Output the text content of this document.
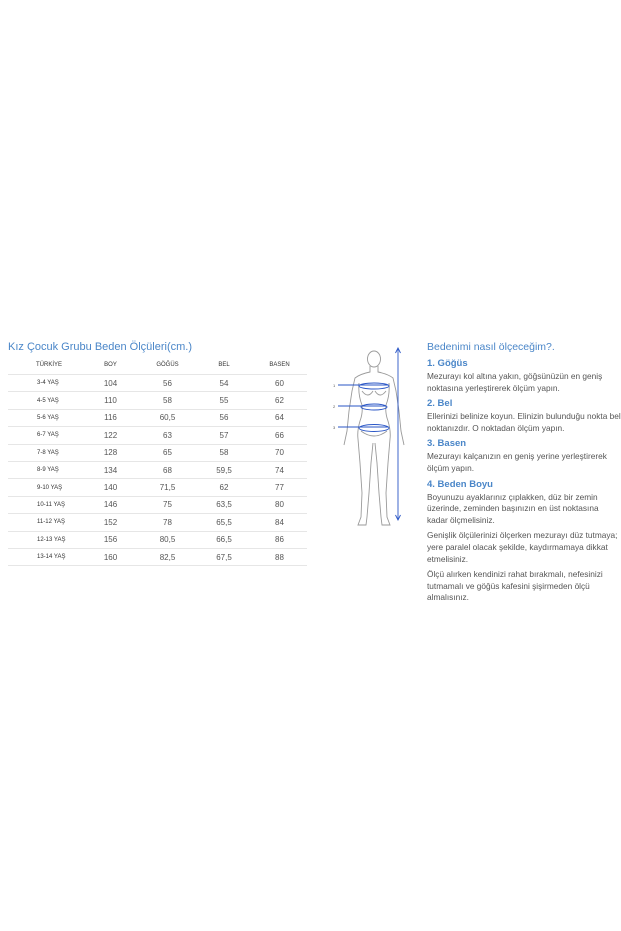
Kız Çocuk Grubu Beden Ölçüleri(cm.)
TÜRKİYE	BOY	GÖĞÜS	BEL	BASEN
3-4 YAŞ	104	56	54	60
4-5 YAŞ	110	58	55	62
5-6 YAŞ	116	60,5	56	64
6-7 YAŞ	122	63	57	66
7-8 YAŞ	128	65	58	70
8-9 YAŞ	134	68	59,5	74
9-10 YAŞ	140	71,5	62	77
10-11 YAŞ	146	75	63,5	80
11-12 YAŞ	152	78	65,5	84
12-13 YAŞ	156	80,5	66,5	86
13-14 YAŞ	160	82,5	67,5	88
1
2
3
Bedenimi nasıl ölçeceğim?.
1. Göğüs

Mezurayı kol altına yakın, göğsünüzün en geniş noktasına yerleştirerek ölçüm yapın.

2. Bel

Ellerinizi belinize koyun. Elinizin bulunduğu nokta bel noktanızdır. O noktadan ölçüm yapın.

3. Basen

Mezurayı kalçanızın en geniş yerine yerleştirerek ölçüm yapın.

4. Beden Boyu

Boyunuzu ayaklarınız çıplakken, düz bir zemin üzerinde, zeminden başınızın en üst noktasına kadar ölçmelisiniz.

Genişlik ölçülerinizi ölçerken mezurayı düz tutmaya; yere paralel olacak şekilde, kaydırmamaya dikkat etmelisiniz.

Ölçü alırken kendinizi rahat bırakmalı, nefesinizi tutmamalı ve göğüs kafesini şişirmeden ölçü almalısınız.
